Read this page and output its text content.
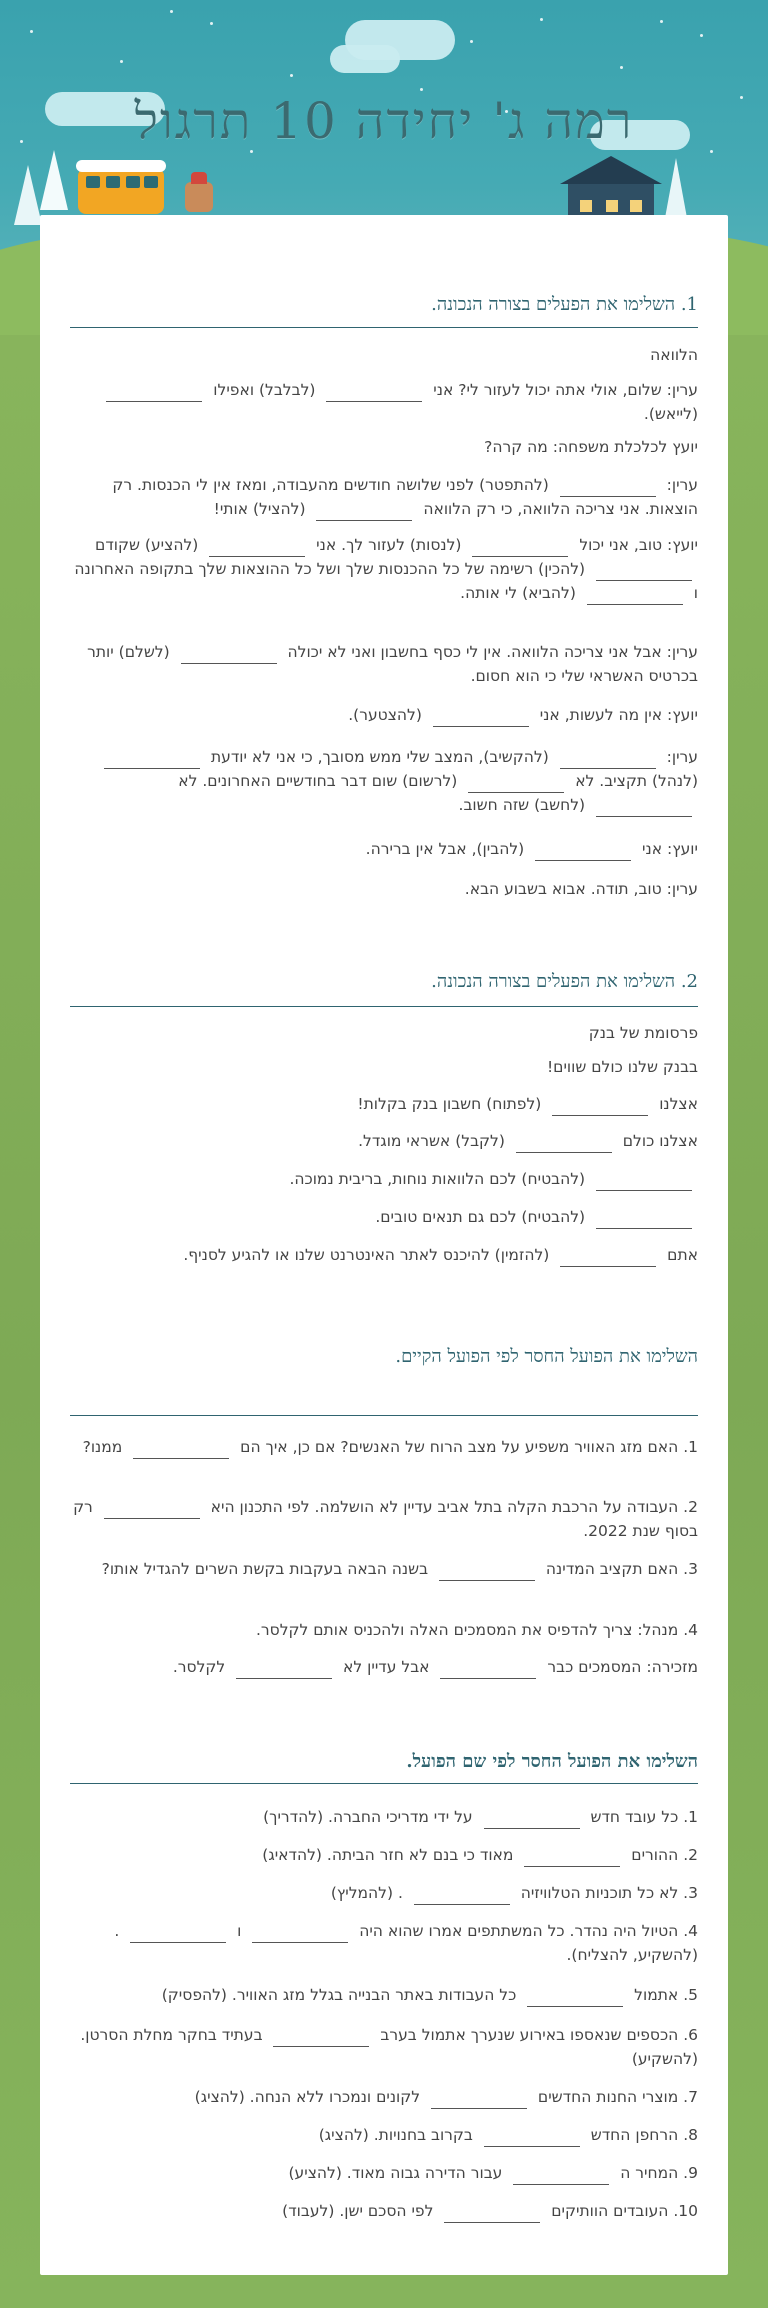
רמה ג' יחידה 10 תרגול
1. השלימו את הפעלים בצורה הנכונה.
הלוואה
ערין: שלום, אולי אתה יכול לעזור לי? אני  (לבלבל) ואפילו  (לייאש).
יועץ לכלכלת משפחה: מה קרה?
ערין:  (להתפטר) לפני שלושה חודשים מהעבודה, ומאז אין לי הכנסות. רק הוצאות. אני צריכה הלוואה, כי רק הלוואה  (להציל) אותי!
יועץ: טוב, אני יכול  (לנסות) לעזור לך. אני  (להציע) שקודם  (להכין) רשימה של כל ההכנסות שלך ושל כל ההוצאות שלך בתקופה האחרונה ו  (להביא) לי אותה.
ערין: אבל אני צריכה הלוואה. אין לי כסף בחשבון ואני לא יכולה  (לשלם) יותר בכרטיס האשראי שלי כי הוא חסום.
יועץ: אין מה לעשות, אני  (להצטער).
ערין:  (להקשיב), המצב שלי ממש מסובך, כי אני לא יודעת  (לנהל) תקציב. לא  (לרשום) שום דבר בחודשיים האחרונים. לא  (לחשב) שזה חשוב.
יועץ: אני  (להבין), אבל אין ברירה.
ערין: טוב, תודה. אבוא בשבוע הבא.
2. השלימו את הפעלים בצורה הנכונה.
פרסומת של בנק
בבנק שלנו כולם שווים!
אצלנו  (לפתוח) חשבון בנק בקלות!
אצלנו כולם  (לקבל) אשראי מוגדל.
(להבטיח) לכם הלוואות נוחות, בריבית נמוכה.
(להבטיח) לכם גם תנאים טובים.
אתם  (להזמין) להיכנס לאתר האינטרנט שלנו או להגיע לסניף.
השלימו את הפועל החסר לפי הפועל הקיים.
1. האם מזג האוויר משפיע על מצב הרוח של האנשים? אם כן, איך הם  ממנו?
2. העבודה על הרכבת הקלה בתל אביב עדיין לא הושלמה. לפי התכנון היא  רק בסוף שנת 2022.
3. האם תקציב המדינה  בשנה הבאה בעקבות בקשת השרים להגדיל אותו?
4. מנהל: צריך להדפיס את המסמכים האלה ולהכניס אותם לקלסר.
מזכירה: המסמכים כבר  אבל עדיין לא  לקלסר.
השלימו את הפועל החסר לפי שם הפועל.
1. כל עובד חדש  על ידי מדריכי החברה. (להדריך)
2. ההורים  מאוד כי בנם לא חזר הביתה. (להדאיג)
3. לא כל תוכניות הטלוויזיה  . (להמליץ)
4. הטיול היה נהדר. כל המשתתפים אמרו שהוא היה  ו  . (להשקיע, להצליח).
5. אתמול  כל העבודות באתר הבנייה בגלל מזג האוויר. (להפסיק)
6. הכספים שנאספו באירוע שנערך אתמול בערב  בעתיד בחקר מחלת הסרטן. (להשקיע)
7. מוצרי החנות החדשים  לקונים ונמכרו ללא הנחה. (להציג)
8. הרחפן החדש  בקרוב בחנויות. (להציג)
9. המחיר ה  עבור הדירה גבוה מאוד. (להציע)
10. העובדים הוותיקים  לפי הסכם ישן. (לעבוד)
